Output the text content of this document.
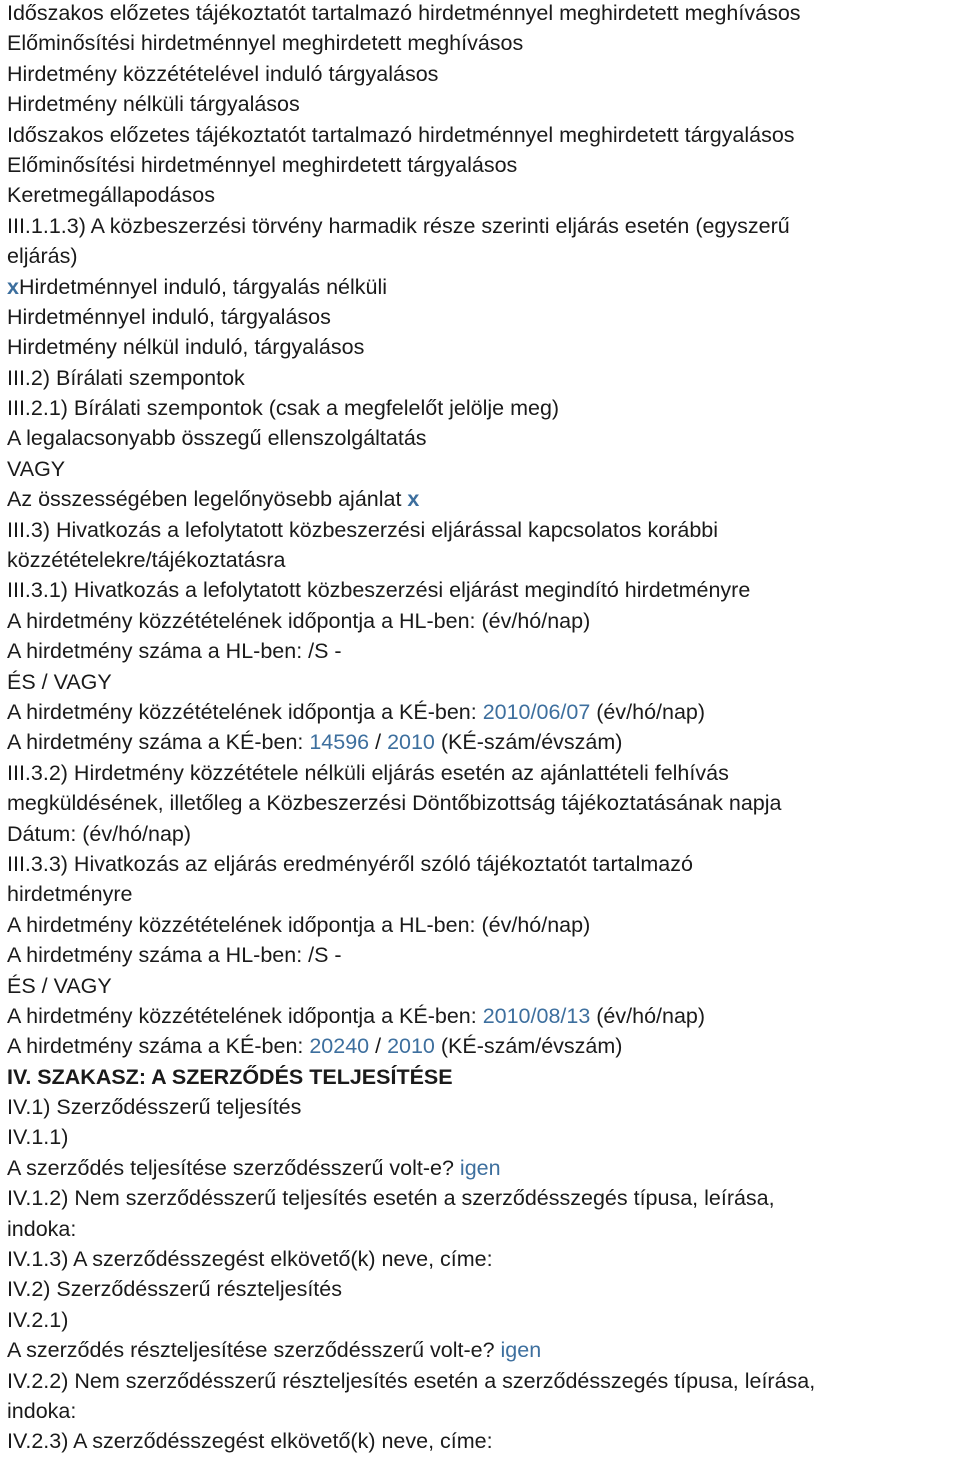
Időszakos előzetes tájékoztatót tartalmazó hirdetménnyel meghirdetett meghívásos
Előminősítési hirdetménnyel meghirdetett meghívásos
Hirdetmény közzétételével induló tárgyalásos
Hirdetmény nélküli tárgyalásos
Időszakos előzetes tájékoztatót tartalmazó hirdetménnyel meghirdetett tárgyalásos
Előminősítési hirdetménnyel meghirdetett tárgyalásos
Keretmegállapodásos
III.1.1.3) A közbeszerzési törvény harmadik része szerinti eljárás esetén (egyszerű
eljárás)
xHirdetménnyel induló, tárgyalás nélküli
Hirdetménnyel induló, tárgyalásos
Hirdetmény nélkül induló, tárgyalásos
III.2) Bírálati szempontok
III.2.1) Bírálati szempontok (csak a megfelelőt jelölje meg)
A legalacsonyabb összegű ellenszolgáltatás
VAGY
Az összességében legelőnyösebb ajánlat x
III.3) Hivatkozás a lefolytatott közbeszerzési eljárással kapcsolatos korábbi
közzétételekre/tájékoztatásra
III.3.1) Hivatkozás a lefolytatott közbeszerzési eljárást megindító hirdetményre
A hirdetmény közzétételének időpontja a HL-ben: (év/hó/nap)
A hirdetmény száma a HL-ben: /S -
ÉS / VAGY
A hirdetmény közzétételének időpontja a KÉ-ben: 2010/06/07 (év/hó/nap)
A hirdetmény száma a KÉ-ben: 14596 / 2010 (KÉ-szám/évszám)
III.3.2) Hirdetmény közzététele nélküli eljárás esetén az ajánlattételi felhívás
megküldésének, illetőleg a Közbeszerzési Döntőbizottság tájékoztatásának napja
Dátum: (év/hó/nap)
III.3.3) Hivatkozás az eljárás eredményéről szóló tájékoztatót tartalmazó
hirdetményre
A hirdetmény közzétételének időpontja a HL-ben: (év/hó/nap)
A hirdetmény száma a HL-ben: /S -
ÉS / VAGY
A hirdetmény közzétételének időpontja a KÉ-ben: 2010/08/13 (év/hó/nap)
A hirdetmény száma a KÉ-ben: 20240 / 2010 (KÉ-szám/évszám)
IV. SZAKASZ: A SZERZŐDÉS TELJESÍTÉSE
IV.1) Szerződésszerű teljesítés
IV.1.1)
A szerződés teljesítése szerződésszerű volt-e? igen
IV.1.2) Nem szerződésszerű teljesítés esetén a szerződésszegés típusa, leírása,
indoka:
IV.1.3) A szerződésszegést elkövető(k) neve, címe:
IV.2) Szerződésszerű részteljesítés
IV.2.1)
A szerződés részteljesítése szerződésszerű volt-e? igen
IV.2.2) Nem szerződésszerű részteljesítés esetén a szerződésszegés típusa, leírása,
indoka:
IV.2.3) A szerződésszegést elkövető(k) neve, címe:
